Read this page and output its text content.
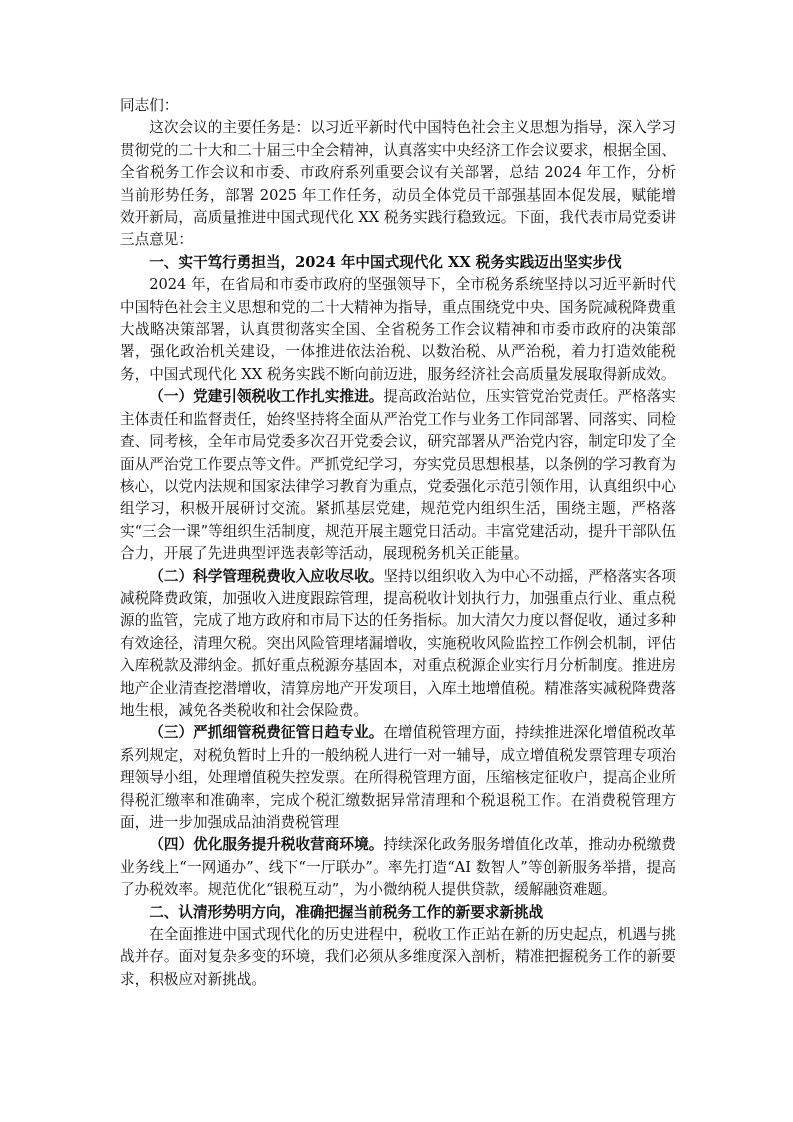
同志们：

这次会议的主要任务是：以习近平新时代中国特色社会主义思想为指导，深入学习贯彻党的二十大和二十届三中全会精神，认真落实中央经济工作会议要求，根据全国、全省税务工作会议和市委、市政府系列重要会议有关部署，总结 2024 年工作，分析当前形势任务，部署 2025 年工作任务，动员全体党员干部强基固本促发展，赋能增效开新局，高质量推进中国式现代化 XX 税务实践行稳致远。下面，我代表市局党委讲三点意见：

一、实干笃行勇担当，2024 年中国式现代化 XX 税务实践迈出坚实步伐

2024 年，在省局和市委市政府的坚强领导下，全市税务系统坚持以习近平新时代中国特色社会主义思想和党的二十大精神为指导，重点围绕党中央、国务院减税降费重大战略决策部署，认真贯彻落实全国、全省税务工作会议精神和市委市政府的决策部署，强化政治机关建设，一体推进依法治税、以数治税、从严治税，着力打造效能税务，中国式现代化 XX 税务实践不断向前迈进，服务经济社会高质量发展取得新成效。

（一）党建引领税收工作扎实推进。提高政治站位，压实管党治党责任。严格落实主体责任和监督责任，始终坚持将全面从严治党工作与业务工作同部署、同落实、同检查、同考核，全年市局党委多次召开党委会议，研究部署从严治党内容，制定印发了全面从严治党工作要点等文件。严抓党纪学习，夯实党员思想根基，以条例的学习教育为核心，以党内法规和国家法律学习教育为重点，党委强化示范引领作用，认真组织中心组学习，积极开展研讨交流。紧抓基层党建，规范党内组织生活，围绕主题，严格落实“三会一课”等组织生活制度，规范开展主题党日活动。丰富党建活动，提升干部队伍合力，开展了先进典型评选表彰等活动，展现税务机关正能量。

（二）科学管理税费收入应收尽收。坚持以组织收入为中心不动摇，严格落实各项减税降费政策，加强收入进度跟踪管理，提高税收计划执行力，加强重点行业、重点税源的监管，完成了地方政府和市局下达的任务指标。加大清欠力度以督促收，通过多种有效途径，清理欠税。突出风险管理堵漏增收，实施税收风险监控工作例会机制，评估入库税款及滞纳金。抓好重点税源夯基固本，对重点税源企业实行月分析制度。推进房地产企业清查挖潜增收，清算房地产开发项目，入库土地增值税。精准落实减税降费落地生根，减免各类税收和社会保险费。

（三）严抓细管税费征管日趋专业。在增值税管理方面，持续推进深化增值税改革系列规定，对税负暂时上升的一般纳税人进行一对一辅导，成立增值税发票管理专项治理领导小组，处理增值税失控发票。在所得税管理方面，压缩核定征收户，提高企业所得税汇缴率和准确率，完成个税汇缴数据异常清理和个税退税工作。在消费税管理方面，进一步加强成品油消费税管理

（四）优化服务提升税收营商环境。持续深化政务服务增值化改革，推动办税缴费业务线上“一网通办”、线下“一厅联办”。率先打造“AI 数智人”等创新服务举措，提高了办税效率。规范优化“银税互动”，为小微纳税人提供贷款，缓解融资难题。

二、认清形势明方向，准确把握当前税务工作的新要求新挑战

在全面推进中国式现代化的历史进程中，税收工作正站在新的历史起点，机遇与挑战并存。面对复杂多变的环境，我们必须从多维度深入剖析，精准把握税务工作的新要求，积极应对新挑战。
